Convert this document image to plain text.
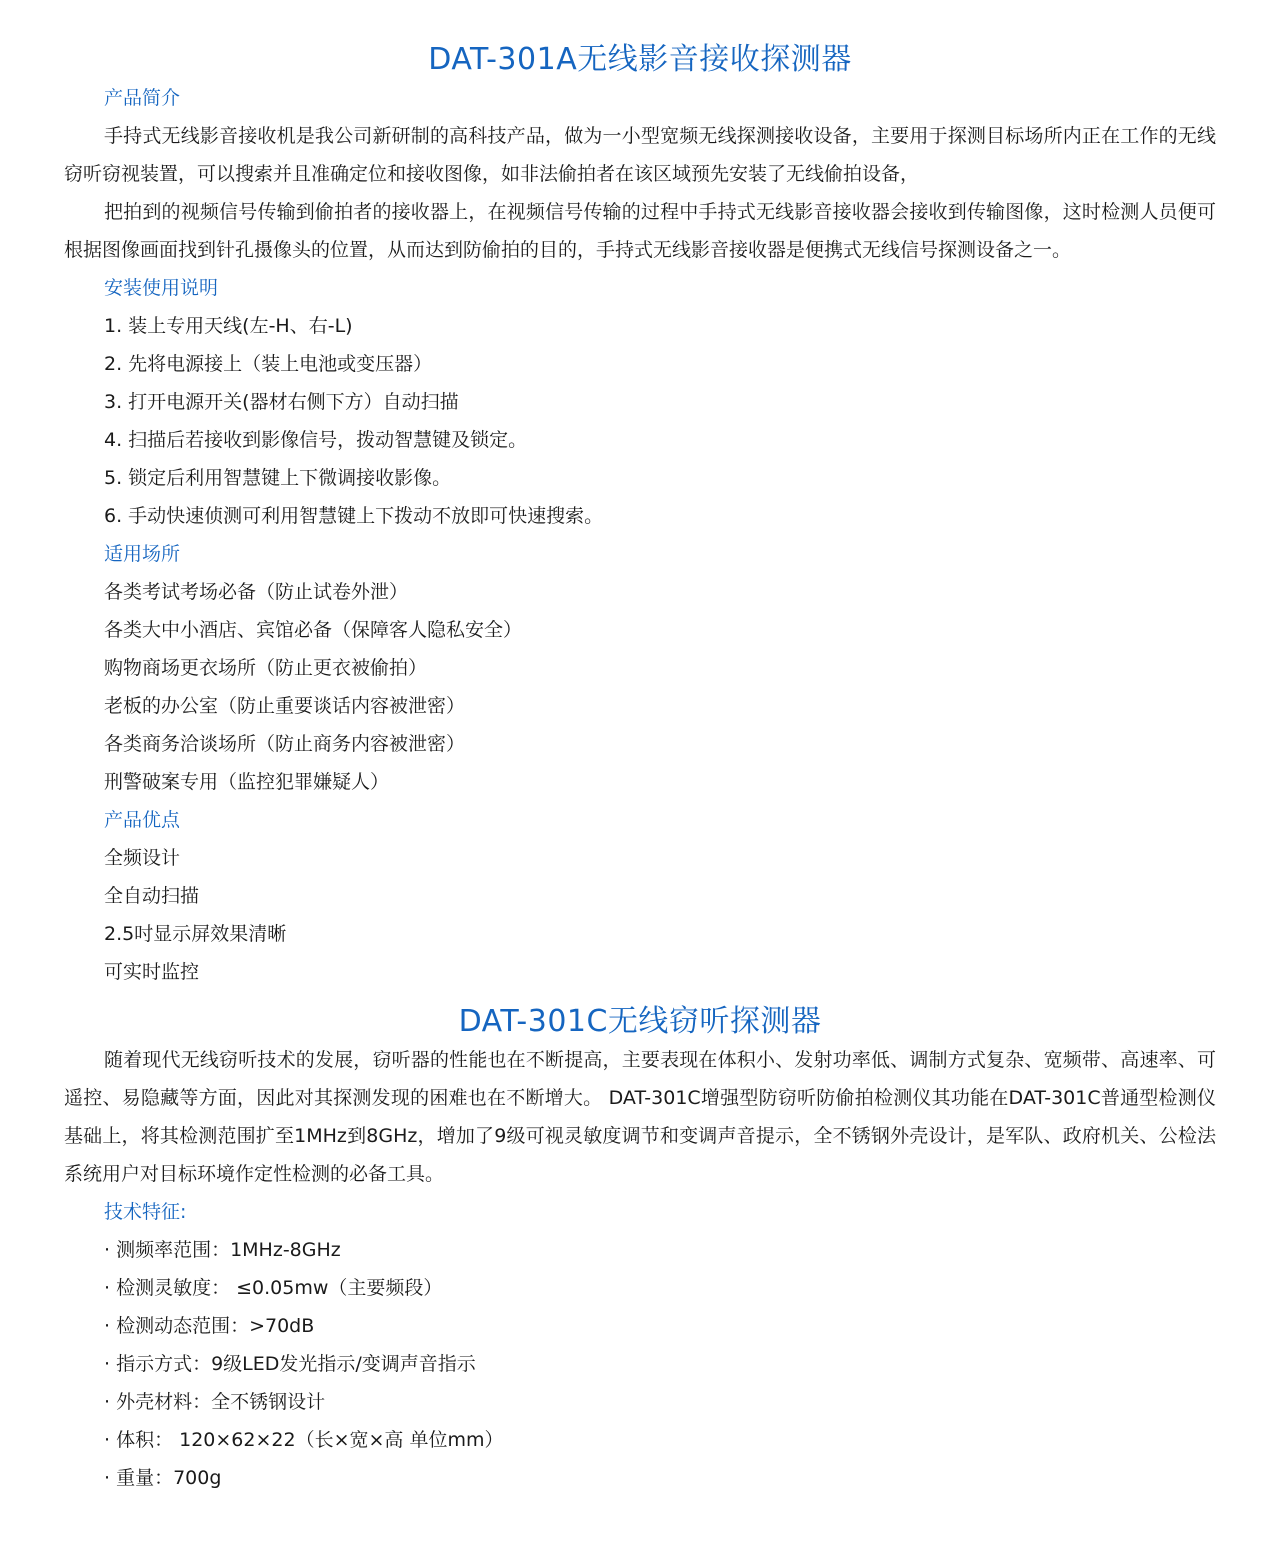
DAT-301A无线影音接收探测器
产品简介

手持式无线影音接收机是我公司新研制的高科技产品，做为一小型宽频无线探测接收设备，主要用于探测目标场所内正在工作的无线窃听窃视装置，可以搜索并且准确定位和接收图像，如非法偷拍者在该区域预先安装了无线偷拍设备，

把拍到的视频信号传输到偷拍者的接收器上，在视频信号传输的过程中手持式无线影音接收器会接收到传输图像，这时检测人员便可根据图像画面找到针孔摄像头的位置，从而达到防偷拍的目的，手持式无线影音接收器是便携式无线信号探测设备之一。

安装使用说明

1. 装上专用天线(左-H、右-L)

2. 先将电源接上（装上电池或变压器）

3. 打开电源开关(器材右侧下方）自动扫描

4. 扫描后若接收到影像信号，拨动智慧键及锁定。

5. 锁定后利用智慧键上下微调接收影像。

6. 手动快速侦测可利用智慧键上下拨动不放即可快速搜索。

适用场所

各类考试考场必备（防止试卷外泄）

各类大中小酒店、宾馆必备（保障客人隐私安全）

购物商场更衣场所（防止更衣被偷拍）

老板的办公室（防止重要谈话内容被泄密）

各类商务洽谈场所（防止商务内容被泄密）

刑警破案专用（监控犯罪嫌疑人）

产品优点

全频设计

全自动扫描

2.5吋显示屏效果清晰

可实时监控

DAT-301C无线窃听探测器

随着现代无线窃听技术的发展，窃听器的性能也在不断提高，主要表现在体积小、发射功率低、调制方式复杂、宽频带、高速率、可遥控、易隐藏等方面，因此对其探测发现的困难也在不断增大。 DAT-301C增强型防窃听防偷拍检测仪其功能在DAT-301C普通型检测仪基础上，将其检测范围扩至1MHz到8GHz，增加了9级可视灵敏度调节和变调声音提示，全不锈钢外壳设计，是军队、政府机关、公检法系统用户对目标环境作定性检测的必备工具。

技术特征:

· 测频率范围：1MHz-8GHz

· 检测灵敏度： ≤0.05mw（主要频段）

· 检测动态范围：>70dB

· 指示方式：9级LED发光指示/变调声音指示

· 外壳材料：全不锈钢设计

· 体积： 120×62×22（长×宽×高 单位mm）

· 重量：700g
